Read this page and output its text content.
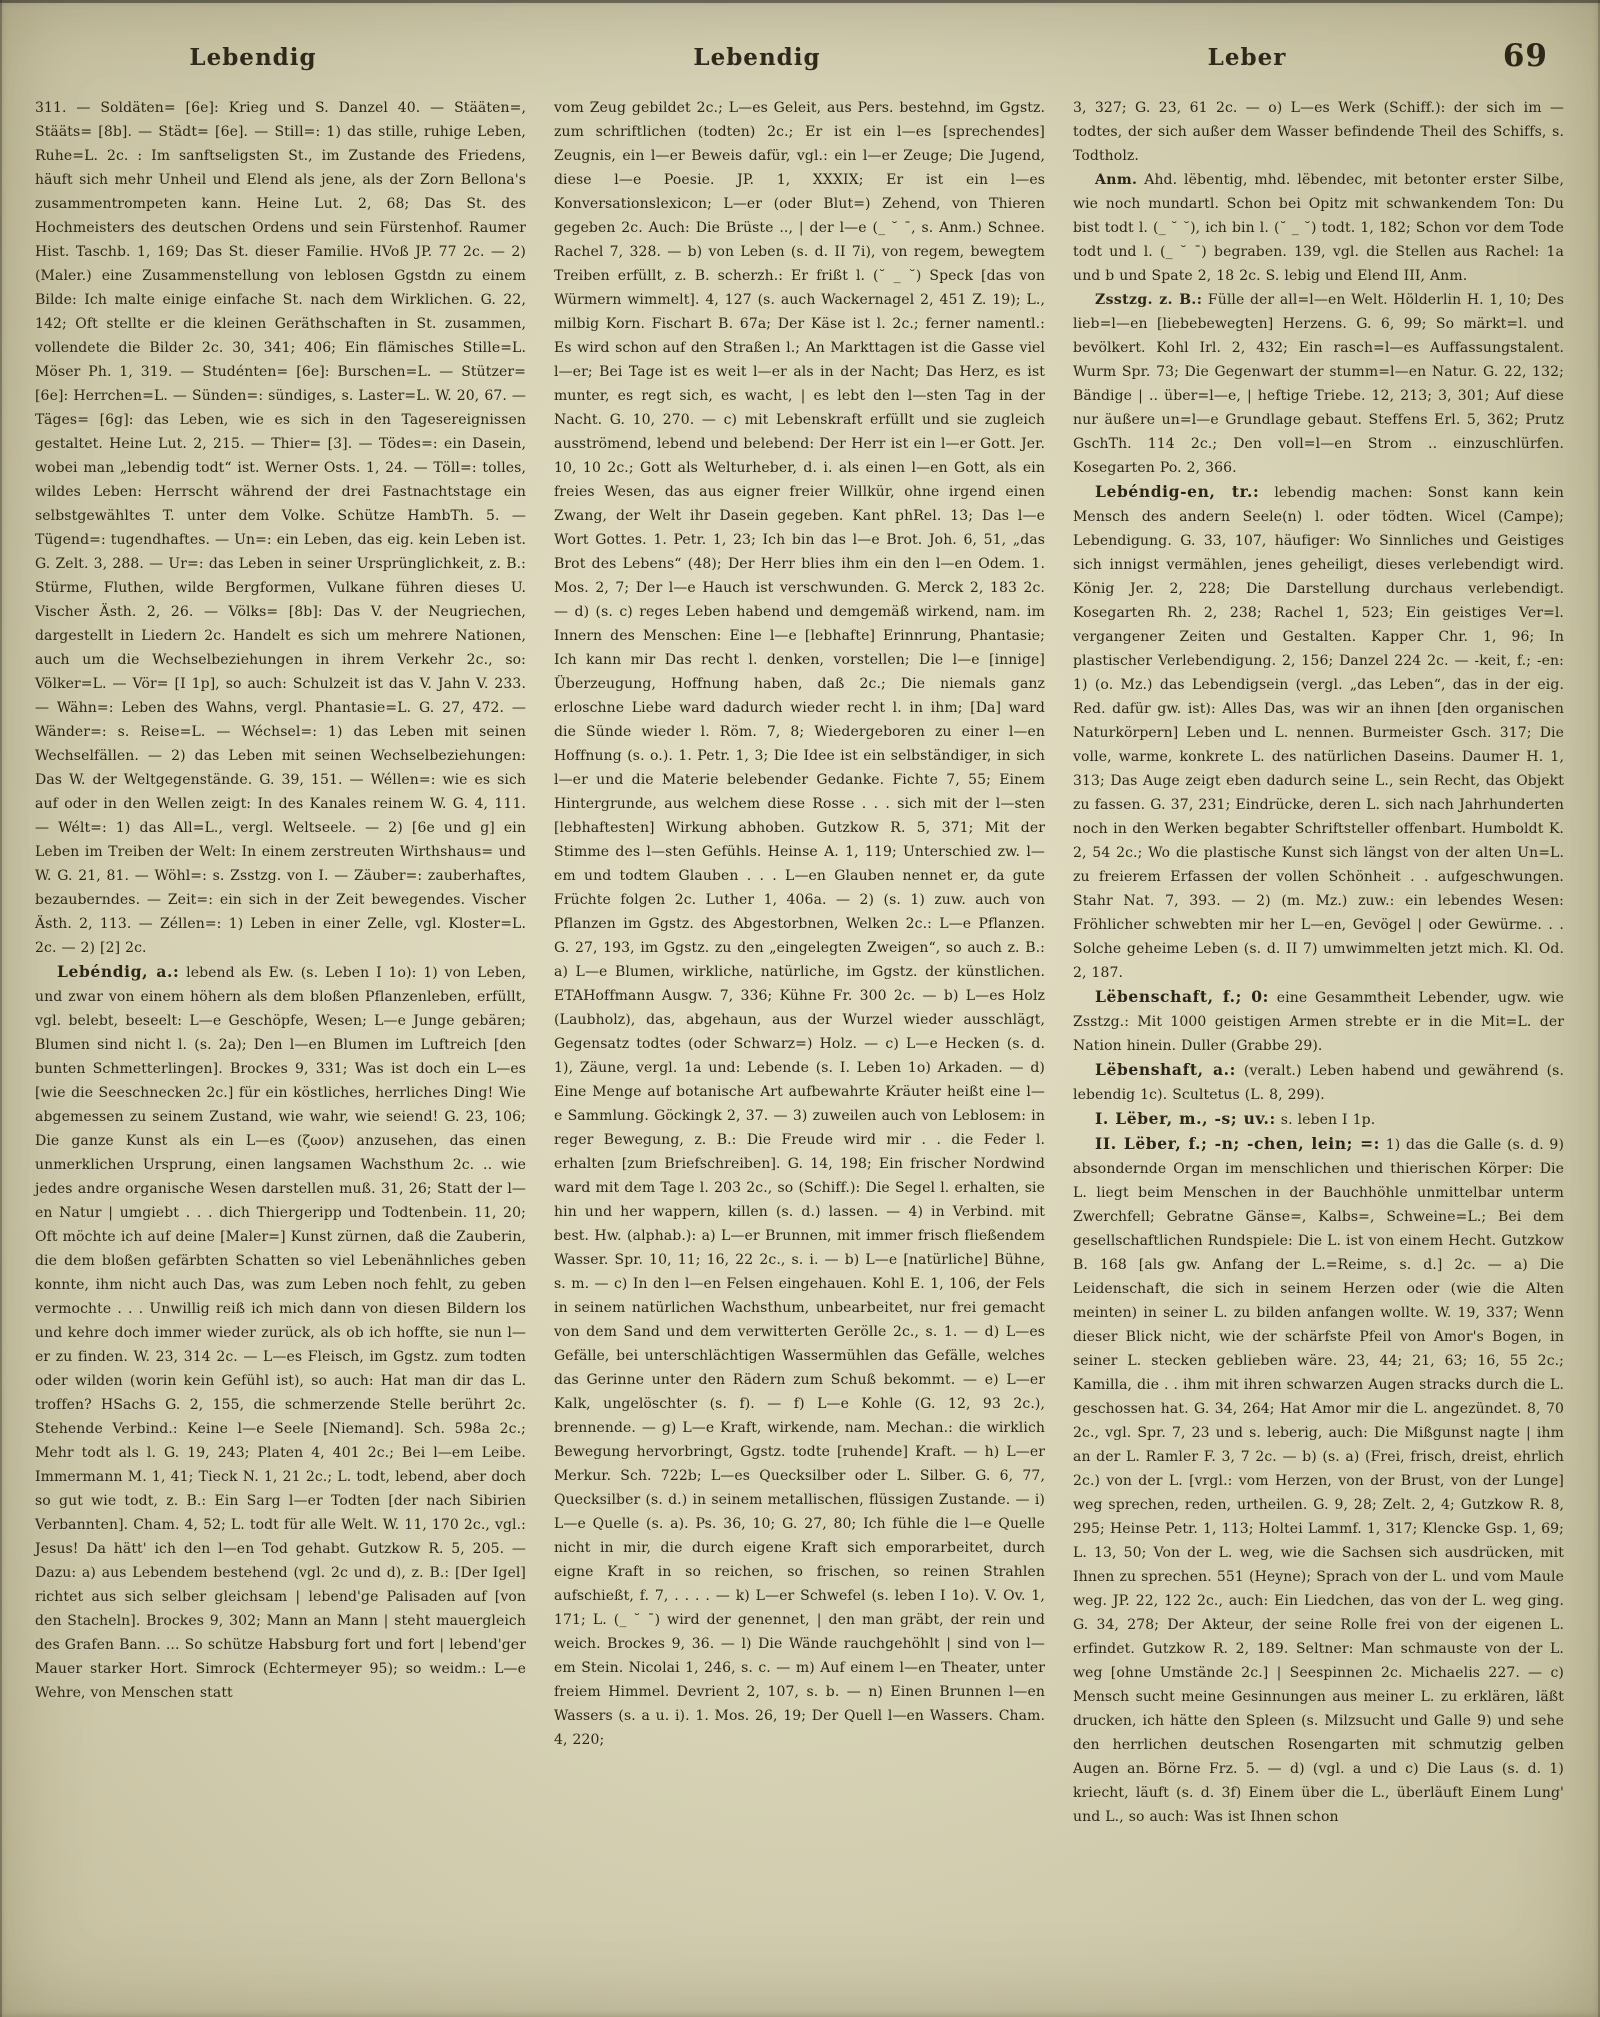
Lebendig	Lebendig	Leber	69

311. — Soldäten= [6e]: Krieg und S. Danzel 40. — Stääten=, Stääts= [8b]. — Städt= [6e]. — Still=: 1) das stille, ruhige Leben, Ruhe=L. 2c. : Im sanftseligsten St., im Zustande des Friedens, häuft sich mehr Unheil und Elend als jene, als der Zorn Bellona's zusammentrompeten kann. Heine Lut. 2, 68; Das St. des Hochmeisters des deutschen Ordens und sein Fürstenhof. Raumer Hist. Taschb. 1, 169; Das St. dieser Familie. HVoß JP. 77 2c. — 2) (Maler.) eine Zusammenstellung von leblosen Ggstdn zu einem Bilde: Ich malte einige einfache St. nach dem Wirklichen. G. 22, 142; Oft stellte er die kleinen Geräthschaften in St. zusammen, vollendete die Bilder 2c. 30, 341; 406; Ein flämisches Stille=L. Möser Ph. 1, 319. — Studénten= [6e]: Burschen=L. — Stützer= [6e]: Herrchen=L. — Sünden=: sündiges, s. Laster=L. W. 20, 67. — Täges= [6g]: das Leben, wie es sich in den Tagesereignissen gestaltet. Heine Lut. 2, 215. — Thier= [3]. — Tödes=: ein Dasein, wobei man „lebendig todt“ ist. Werner Osts. 1, 24. — Töll=: tolles, wildes Leben: Herrscht während der drei Fastnachtstage ein selbstgewähltes T. unter dem Volke. Schütze HambTh. 5. — Tügend=: tugendhaftes. — Un=: ein Leben, das eig. kein Leben ist. G. Zelt. 3, 288. — Ur=: das Leben in seiner Ursprünglichkeit, z. B.: Stürme, Fluthen, wilde Bergformen, Vulkane führen dieses U. Vischer Ästh. 2, 26. — Völks= [8b]: Das V. der Neugriechen, dargestellt in Liedern 2c. Handelt es sich um mehrere Nationen, auch um die Wechselbeziehungen in ihrem Verkehr 2c., so: Völker=L. — Vör= [I 1p], so auch: Schulzeit ist das V. Jahn V. 233. — Wähn=: Leben des Wahns, vergl. Phantasie=L. G. 27, 472. — Wänder=: s. Reise=L. — Wéchsel=: 1) das Leben mit seinen Wechselfällen. — 2) das Leben mit seinen Wechselbeziehungen: Das W. der Weltgegenstände. G. 39, 151. — Wéllen=: wie es sich auf oder in den Wellen zeigt: In des Kanales reinem W. G. 4, 111. — Wélt=: 1) das All=L., vergl. Weltseele. — 2) [6e und g] ein Leben im Treiben der Welt: In einem zerstreuten Wirthshaus= und W. G. 21, 81. — Wöhl=: s. Zsstzg. von I. — Zäuber=: zauberhaftes, bezauberndes. — Zeit=: ein sich in der Zeit bewegendes. Vischer Ästh. 2, 113. — Zéllen=: 1) Leben in einer Zelle, vgl. Kloster=L. 2c. — 2) [2] 2c.

Lebéndig, a.: lebend als Ew. (s. Leben I 1o): 1) von Leben, und zwar von einem höhern als dem bloßen Pflanzenleben, erfüllt, vgl. belebt, beseelt: L—e Geschöpfe, Wesen; L—e Junge gebären; Blumen sind nicht l. (s. 2a); Den l—en Blumen im Luftreich [den bunten Schmetterlingen]. Brockes 9, 331; Was ist doch ein L—es [wie die Seeschnecken 2c.] für ein köstliches, herrliches Ding! Wie abgemessen zu seinem Zustand, wie wahr, wie seiend! G. 23, 106; Die ganze Kunst als ein L—es (ζωον) anzusehen, das einen unmerklichen Ursprung, einen langsamen Wachsthum 2c. .. wie jedes andre organische Wesen darstellen muß. 31, 26; Statt der l—en Natur | umgiebt . . . dich Thiergeripp und Todtenbein. 11, 20; Oft möchte ich auf deine [Maler=] Kunst zürnen, daß die Zauberin, die dem bloßen gefärbten Schatten so viel Lebenähnliches geben konnte, ihm nicht auch Das, was zum Leben noch fehlt, zu geben vermochte . . . Unwillig reiß ich mich dann von diesen Bildern los und kehre doch immer wieder zurück, als ob ich hoffte, sie nun l—er zu finden. W. 23, 314 2c. — L—es Fleisch, im Ggstz. zum todten oder wilden (worin kein Gefühl ist), so auch: Hat man dir das L. troffen? HSachs G. 2, 155, die schmerzende Stelle berührt 2c. Stehende Verbind.: Keine l—e Seele [Niemand]. Sch. 598a 2c.; Mehr todt als l. G. 19, 243; Platen 4, 401 2c.; Bei l—em Leibe. Immermann M. 1, 41; Tieck N. 1, 21 2c.; L. todt, lebend, aber doch so gut wie todt, z. B.: Ein Sarg l—er Todten [der nach Sibirien Verbannten]. Cham. 4, 52; L. todt für alle Welt. W. 11, 170 2c., vgl.: Jesus! Da hätt' ich den l—en Tod gehabt. Gutzkow R. 5, 205. — Dazu: a) aus Lebendem bestehend (vgl. 2c und d), z. B.: [Der Igel] richtet aus sich selber gleichsam | lebend'ge Palisaden auf [von den Stacheln]. Brockes 9, 302; Mann an Mann | steht mauergleich des Grafen Bann. ... So schütze Habsburg fort und fort | lebend'ger Mauer starker Hort. Simrock (Echtermeyer 95); so weidm.: L—e Wehre, von Menschen statt

vom Zeug gebildet 2c.; L—es Geleit, aus Pers. bestehnd, im Ggstz. zum schriftlichen (todten) 2c.; Er ist ein l—es [sprechendes] Zeugnis, ein l—er Beweis dafür, vgl.: ein l—er Zeuge; Die Jugend, diese l—e Poesie. JP. 1, XXXIX; Er ist ein l—es Konversationslexicon; L—er (oder Blut=) Zehend, von Thieren gegeben 2c. Auch: Die Brüste .., | der l—e (_ ˘ ¯, s. Anm.) Schnee. Rachel 7, 328. — b) von Leben (s. d. II 7i), von regem, bewegtem Treiben erfüllt, z. B. scherzh.: Er frißt l. (˘ _ ˘) Speck [das von Würmern wimmelt]. 4, 127 (s. auch Wackernagel 2, 451 Z. 19); L., milbig Korn. Fischart B. 67a; Der Käse ist l. 2c.; ferner namentl.: Es wird schon auf den Straßen l.; An Markttagen ist die Gasse viel l—er; Bei Tage ist es weit l—er als in der Nacht; Das Herz, es ist munter, es regt sich, es wacht, | es lebt den l—sten Tag in der Nacht. G. 10, 270. — c) mit Lebenskraft erfüllt und sie zugleich ausströmend, lebend und belebend: Der Herr ist ein l—er Gott. Jer. 10, 10 2c.; Gott als Welturheber, d. i. als einen l—en Gott, als ein freies Wesen, das aus eigner freier Willkür, ohne irgend einen Zwang, der Welt ihr Dasein gegeben. Kant phRel. 13; Das l—e Wort Gottes. 1. Petr. 1, 23; Ich bin das l—e Brot. Joh. 6, 51, „das Brot des Lebens“ (48); Der Herr blies ihm ein den l—en Odem. 1. Mos. 2, 7; Der l—e Hauch ist verschwunden. G. Merck 2, 183 2c. — d) (s. c) reges Leben habend und demgemäß wirkend, nam. im Innern des Menschen: Eine l—e [lebhafte] Erinnrung, Phantasie; Ich kann mir Das recht l. denken, vorstellen; Die l—e [innige] Überzeugung, Hoffnung haben, daß 2c.; Die niemals ganz erloschne Liebe ward dadurch wieder recht l. in ihm; [Da] ward die Sünde wieder l. Röm. 7, 8; Wiedergeboren zu einer l—en Hoffnung (s. o.). 1. Petr. 1, 3; Die Idee ist ein selbständiger, in sich l—er und die Materie belebender Gedanke. Fichte 7, 55; Einem Hintergrunde, aus welchem diese Rosse . . . sich mit der l—sten [lebhaftesten] Wirkung abhoben. Gutzkow R. 5, 371; Mit der Stimme des l—sten Gefühls. Heinse A. 1, 119; Unterschied zw. l—em und todtem Glauben . . . L—en Glauben nennet er, da gute Früchte folgen 2c. Luther 1, 406a. — 2) (s. 1) zuw. auch von Pflanzen im Ggstz. des Abgestorbnen, Welken 2c.: L—e Pflanzen. G. 27, 193, im Ggstz. zu den „eingelegten Zweigen“, so auch z. B.: a) L—e Blumen, wirkliche, natürliche, im Ggstz. der künstlichen. ETAHoffmann Ausgw. 7, 336; Kühne Fr. 300 2c. — b) L—es Holz (Laubholz), das, abgehaun, aus der Wurzel wieder ausschlägt, Gegensatz todtes (oder Schwarz=) Holz. — c) L—e Hecken (s. d. 1), Zäune, vergl. 1a und: Lebende (s. I. Leben 1o) Arkaden. — d) Eine Menge auf botanische Art aufbewahrte Kräuter heißt eine l—e Sammlung. Göckingk 2, 37. — 3) zuweilen auch von Leblosem: in reger Bewegung, z. B.: Die Freude wird mir . . die Feder l. erhalten [zum Briefschreiben]. G. 14, 198; Ein frischer Nordwind ward mit dem Tage l. 203 2c., so (Schiff.): Die Segel l. erhalten, sie hin und her wappern, killen (s. d.) lassen. — 4) in Verbind. mit best. Hw. (alphab.): a) L—er Brunnen, mit immer frisch fließendem Wasser. Spr. 10, 11; 16, 22 2c., s. i. — b) L—e [natürliche] Bühne, s. m. — c) In den l—en Felsen eingehauen. Kohl E. 1, 106, der Fels in seinem natürlichen Wachsthum, unbearbeitet, nur frei gemacht von dem Sand und dem verwitterten Gerölle 2c., s. 1. — d) L—es Gefälle, bei unterschlächtigen Wassermühlen das Gefälle, welches das Gerinne unter den Rädern zum Schuß bekommt. — e) L—er Kalk, ungelöschter (s. f). — f) L—e Kohle (G. 12, 93 2c.), brennende. — g) L—e Kraft, wirkende, nam. Mechan.: die wirklich Bewegung hervorbringt, Ggstz. todte [ruhende] Kraft. — h) L—er Merkur. Sch. 722b; L—es Quecksilber oder L. Silber. G. 6, 77, Quecksilber (s. d.) in seinem metallischen, flüssigen Zustande. — i) L—e Quelle (s. a). Ps. 36, 10; G. 27, 80; Ich fühle die l—e Quelle nicht in mir, die durch eigene Kraft sich emporarbeitet, durch eigne Kraft in so reichen, so frischen, so reinen Strahlen aufschießt, f. 7, . . . . — k) L—er Schwefel (s. leben I 1o). V. Ov. 1, 171; L. (_ ˘ ¯) wird der genennet, | den man gräbt, der rein und weich. Brockes 9, 36. — l) Die Wände rauchgehöhlt | sind von l—em Stein. Nicolai 1, 246, s. c. — m) Auf einem l—en Theater, unter freiem Himmel. Devrient 2, 107, s. b. — n) Einen Brunnen l—en Wassers (s. a u. i). 1. Mos. 26, 19; Der Quell l—en Wassers. Cham. 4, 220;

3, 327; G. 23, 61 2c. — o) L—es Werk (Schiff.): der sich im — todtes, der sich außer dem Wasser befindende Theil des Schiffs, s. Todtholz.

Anm. Ahd. lëbentig, mhd. lëbendec, mit betonter erster Silbe, wie noch mundartl. Schon bei Opitz mit schwankendem Ton: Du bist todt l. (_ ˘ ˘), ich bin l. (˘ _ ˘) todt. 1, 182; Schon vor dem Tode todt und l. (_ ˘ ¯) begraben. 139, vgl. die Stellen aus Rachel: 1a und b und Spate 2, 18 2c. S. lebig und Elend III, Anm.

Zsstzg. z. B.: Fülle der all=l—en Welt. Hölderlin H. 1, 10; Des lieb=l—en [liebebewegten] Herzens. G. 6, 99; So märkt=l. und bevölkert. Kohl Irl. 2, 432; Ein rasch=l—es Auffassungstalent. Wurm Spr. 73; Die Gegenwart der stumm=l—en Natur. G. 22, 132; Bändige | .. über=l—e, | heftige Triebe. 12, 213; 3, 301; Auf diese nur äußere un=l—e Grundlage gebaut. Steffens Erl. 5, 362; Prutz GschTh. 114 2c.; Den voll=l—en Strom .. einzuschlürfen. Kosegarten Po. 2, 366.

Lebéndig-en, tr.: lebendig machen: Sonst kann kein Mensch des andern Seele(n) l. oder tödten. Wicel (Campe); Lebendigung. G. 33, 107, häufiger: Wo Sinnliches und Geistiges sich innigst vermählen, jenes geheiligt, dieses verlebendigt wird. König Jer. 2, 228; Die Darstellung durchaus verlebendigt. Kosegarten Rh. 2, 238; Rachel 1, 523; Ein geistiges Ver=l. vergangener Zeiten und Gestalten. Kapper Chr. 1, 96; In plastischer Verlebendigung. 2, 156; Danzel 224 2c. — -keit, f.; -en: 1) (o. Mz.) das Lebendigsein (vergl. „das Leben“, das in der eig. Red. dafür gw. ist): Alles Das, was wir an ihnen [den organischen Naturkörpern] Leben und L. nennen. Burmeister Gsch. 317; Die volle, warme, konkrete L. des natürlichen Daseins. Daumer H. 1, 313; Das Auge zeigt eben dadurch seine L., sein Recht, das Objekt zu fassen. G. 37, 231; Eindrücke, deren L. sich nach Jahrhunderten noch in den Werken begabter Schriftsteller offenbart. Humboldt K. 2, 54 2c.; Wo die plastische Kunst sich längst von der alten Un=L. zu freierem Erfassen der vollen Schönheit . . aufgeschwungen. Stahr Nat. 7, 393. — 2) (m. Mz.) zuw.: ein lebendes Wesen: Fröhlicher schwebten mir her L—en, Gevögel | oder Gewürme. . . Solche geheime Leben (s. d. II 7) umwimmelten jetzt mich. Kl. Od. 2, 187.

Lëbenschaft, f.; 0: eine Gesammtheit Lebender, ugw. wie Zsstzg.: Mit 1000 geistigen Armen strebte er in die Mit=L. der Nation hinein. Duller (Grabbe 29).

Lëbenshaft, a.: (veralt.) Leben habend und gewährend (s. lebendig 1c). Scultetus (L. 8, 299).

I. Lëber, m., -s; uv.: s. leben I 1p.

II. Lëber, f.; -n; -chen, lein; =: 1) das die Galle (s. d. 9) absondernde Organ im menschlichen und thierischen Körper: Die L. liegt beim Menschen in der Bauchhöhle unmittelbar unterm Zwerchfell; Gebratne Gänse=, Kalbs=, Schweine=L.; Bei dem gesellschaftlichen Rundspiele: Die L. ist von einem Hecht. Gutzkow B. 168 [als gw. Anfang der L.=Reime, s. d.] 2c. — a) Die Leidenschaft, die sich in seinem Herzen oder (wie die Alten meinten) in seiner L. zu bilden anfangen wollte. W. 19, 337; Wenn dieser Blick nicht, wie der schärfste Pfeil von Amor's Bogen, in seiner L. stecken geblieben wäre. 23, 44; 21, 63; 16, 55 2c.; Kamilla, die . . ihm mit ihren schwarzen Augen stracks durch die L. geschossen hat. G. 34, 264; Hat Amor mir die L. angezündet. 8, 70 2c., vgl. Spr. 7, 23 und s. leberig, auch: Die Mißgunst nagte | ihm an der L. Ramler F. 3, 7 2c. — b) (s. a) (Frei, frisch, dreist, ehrlich 2c.) von der L. [vrgl.: vom Herzen, von der Brust, von der Lunge] weg sprechen, reden, urtheilen. G. 9, 28; Zelt. 2, 4; Gutzkow R. 8, 295; Heinse Petr. 1, 113; Holtei Lammf. 1, 317; Klencke Gsp. 1, 69; L. 13, 50; Von der L. weg, wie die Sachsen sich ausdrücken, mit Ihnen zu sprechen. 551 (Heyne); Sprach von der L. und vom Maule weg. JP. 22, 122 2c., auch: Ein Liedchen, das von der L. weg ging. G. 34, 278; Der Akteur, der seine Rolle frei von der eigenen L. erfindet. Gutzkow R. 2, 189. Seltner: Man schmauste von der L. weg [ohne Umstände 2c.] | Seespinnen 2c. Michaelis 227. — c) Mensch sucht meine Gesinnungen aus meiner L. zu erklären, läßt drucken, ich hätte den Spleen (s. Milzsucht und Galle 9) und sehe den herrlichen deutschen Rosengarten mit schmutzig gelben Augen an. Börne Frz. 5. — d) (vgl. a und c) Die Laus (s. d. 1) kriecht, läuft (s. d. 3f) Einem über die L., überläuft Einem Lung' und L., so auch: Was ist Ihnen schon
